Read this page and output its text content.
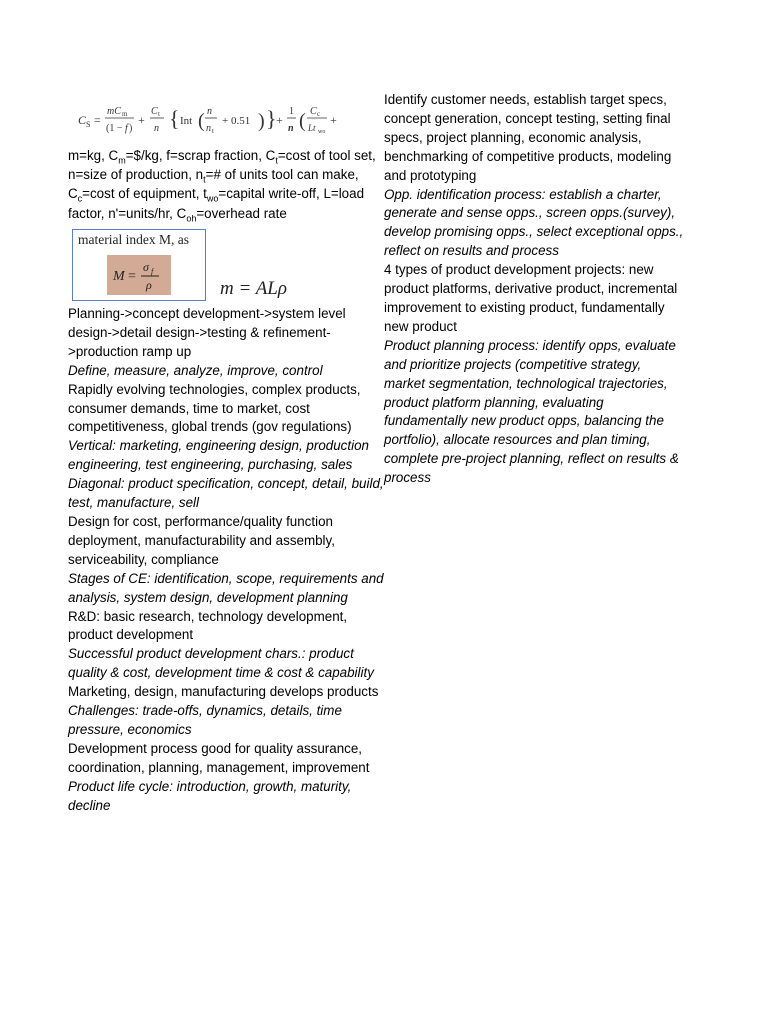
C S =
mC m
(1 − f )
+
C t
n { Int ( n
n t
+ 0.51 ) } +
1
n ( C c
Lt wo
+
m=kg, $C_m=\$/kg$, f=scrap fraction, $C_t=\cos t$ of tool set,
n=size of production, $n_t=\#$ of units tool can make,
$C_c=\cos t$ of equipment, $t_{wo}=capital$ write-off, L=load
factor, n'=units/hr, $C_{oh}=overhead$ rate
material index M, as
M =
σ f
ρ	m = ALρ

Planning->concept development->system level design->detail design->testing & refinement->production ramp up

Define, measure, analyze, improve, control

Rapidly evolving technologies, complex products, consumer demands, time to market, cost competitiveness, global trends (gov regulations)

Vertical: marketing, engineering design, production engineering, test engineering, purchasing, sales

Diagonal: product specification, concept, detail, build, test, manufacture, sell

Design for cost, performance/quality function deployment, manufacturability and assembly, serviceability, compliance

Stages of CE: identification, scope, requirements and analysis, system design, development planning

R&D: basic research, technology development, product development

Successful product development chars.: product quality & cost, development time & cost & capability

Marketing, design, manufacturing develops products

Challenges: trade-offs, dynamics, details, time pressure, economics

Development process good for quality assurance, coordination, planning, management, improvement

Product life cycle: introduction, growth, maturity, decline

Identify customer needs, establish target specs, concept generation, concept testing, setting final specs, project planning, economic analysis, benchmarking of competitive products, modeling and prototyping

Opp. identification process: establish a charter, generate and sense opps., screen opps.(survey), develop promising opps., select exceptional opps., reflect on results and process

4 types of product development projects: new product platforms, derivative product, incremental improvement to existing product, fundamentally new product

Product planning process: identify opps, evaluate and prioritize projects (competitive strategy, market segmentation, technological trajectories, product platform planning, evaluating fundamentally new product opps, balancing the portfolio), allocate resources and plan timing, complete pre-project planning, reflect on results & process
